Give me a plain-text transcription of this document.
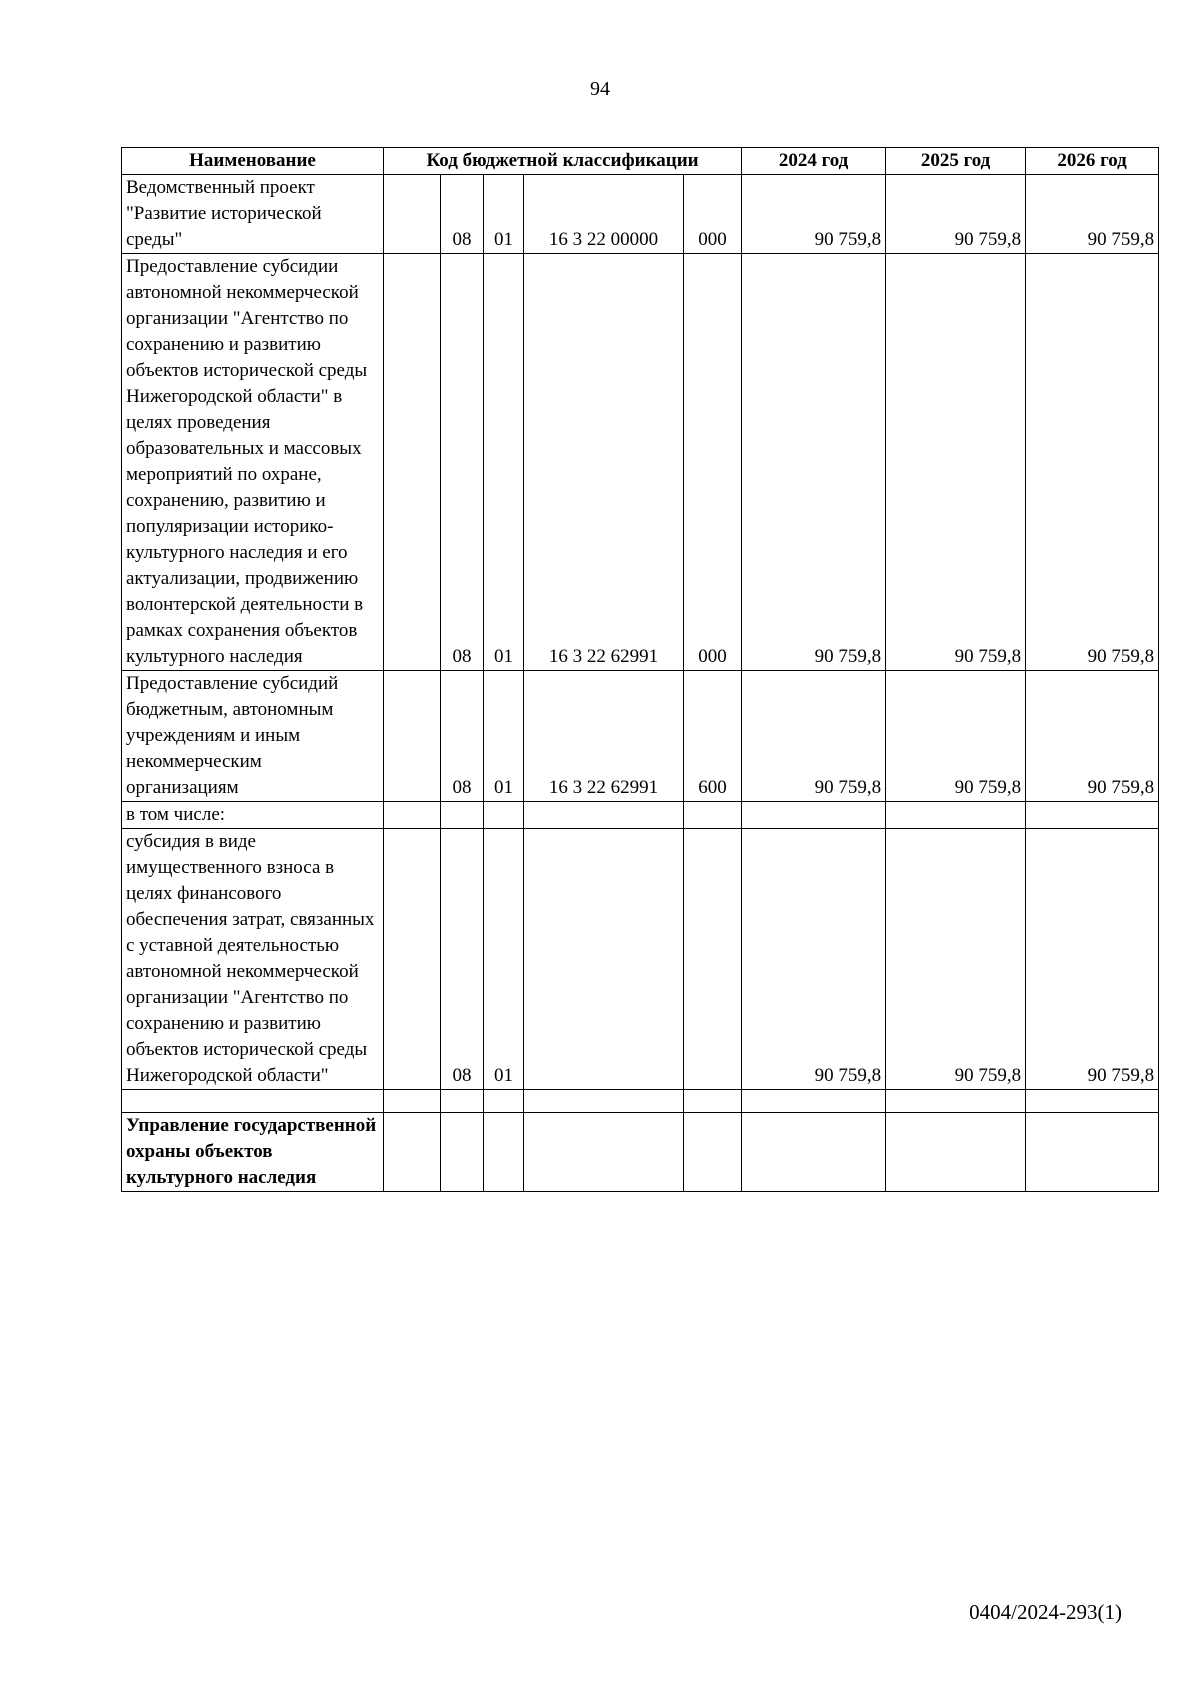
94
Наименование	Код бюджетной классификации					2024 год	2025 год	2026 год
Ведомственный проект "Развитие исторической среды"		08	01	16 3 22 00000	000	90 759,8	90 759,8	90 759,8
Предоставление субсидии автономной некоммерческой организации "Агентство по сохранению и развитию объектов исторической среды Нижегородской области" в целях проведения образовательных и массовых мероприятий по охране, сохранению, развитию и популяризации историко-культурного наследия и его актуализации, продвижению волонтерской деятельности в рамках сохранения объектов культурного наследия		08	01	16 3 22 62991	000	90 759,8	90 759,8	90 759,8
Предоставление субсидий бюджетным, автономным учреждениям и иным некоммерческим организациям		08	01	16 3 22 62991	600	90 759,8	90 759,8	90 759,8
в том числе:								
субсидия в виде имущественного взноса в целях финансового обеспечения затрат, связанных с уставной деятельностью автономной некоммерческой организации "Агентство по сохранению и развитию объектов исторической среды Нижегородской области"		08	01			90 759,8	90 759,8	90 759,8

Управление государственной охраны объектов культурного наследия								
0404/2024-293(1)
